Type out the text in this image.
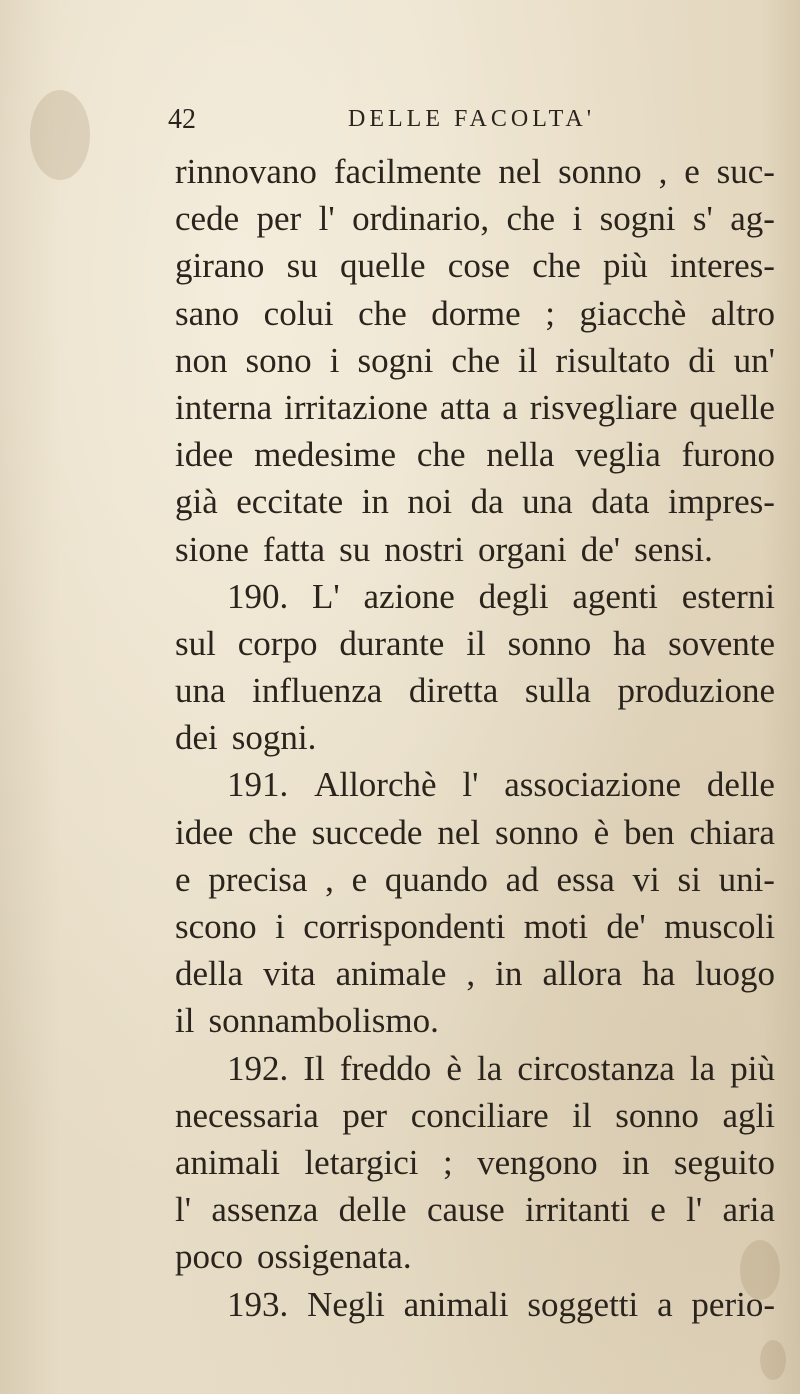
42	DELLE FACOLTA'
rinnovano facilmente nel sonno , e suc-
cede per l' ordinario, che i sogni s' ag-
girano su quelle cose che più interes-
sano colui che dorme ; giacchè altro
non sono i sogni che il risultato di un'
interna irritazione atta a risvegliare quelle
idee medesime che nella veglia furono
già eccitate in noi da una data impres-
sione fatta su nostri organi de' sensi.
190. L' azione degli agenti esterni
sul corpo durante il sonno ha sovente
una influenza diretta sulla produzione
dei sogni.
191. Allorchè l' associazione delle
idee che succede nel sonno è ben chiara
e precisa , e quando ad essa vi si uni-
scono i corrispondenti moti de' muscoli
della vita animale , in allora ha luogo
il sonnambolismo.
192. Il freddo è la circostanza la più
necessaria per conciliare il sonno agli
animali letargici ; vengono in seguito
l' assenza delle cause irritanti e l' aria
poco ossigenata.
193. Negli animali soggetti a perio-
